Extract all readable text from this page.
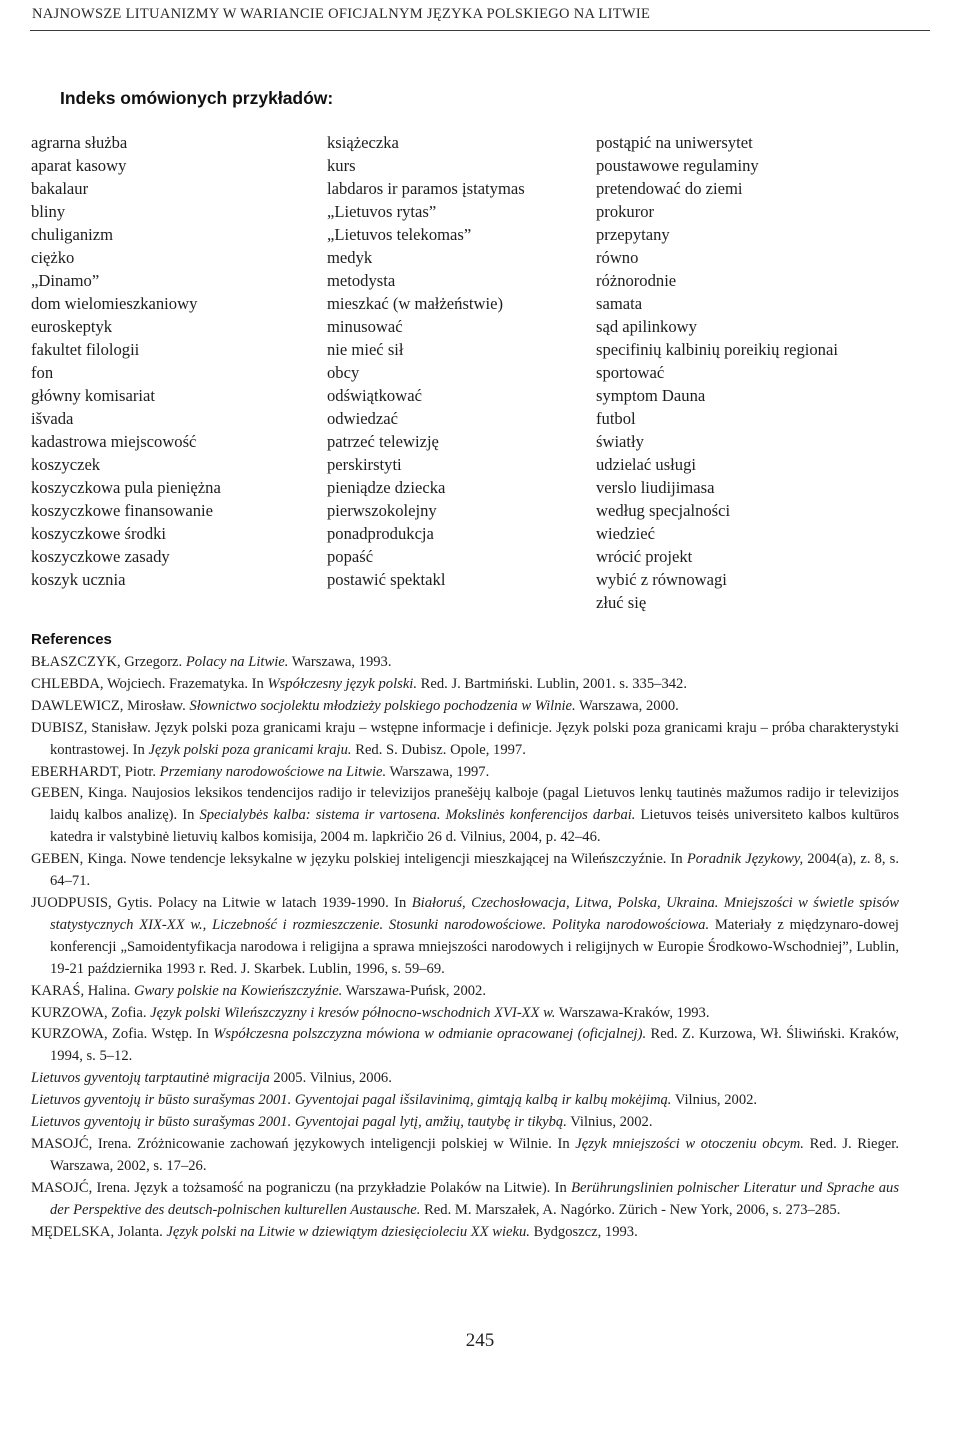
NAJNOWSZE LITUANIZMY W WARIANCIE OFICJALNYM JĘZYKA POLSKIEGO NA LITWIE
Indeks omówionych przykładów:
agrarna służba
aparat kasowy
bakalaur
bliny
chuliganizm
ciężko
„Dinamo”
dom wielomieszkaniowy
euroskeptyk
fakultet filologii
fon
główny komisariat
išvada
kadastrowa miejscowość
koszyczek
koszyczkowa pula pieniężna
koszyczkowe finansowanie
koszyczkowe środki
koszyczkowe zasady
koszyk ucznia
książeczka
kurs
labdaros ir paramos įstatymas
„Lietuvos rytas”
„Lietuvos telekomas”
medyk
metodysta
mieszkać (w małżeństwie)
minusować
nie mieć sił
obcy
odświątkować
odwiedzać
patrzeć telewizję
perskirstyti
pieniądze dziecka
pierwszokolejny
ponadprodukcja
popaść
postawić spektakl
postąpić na uniwersytet
poustawowe regulaminy
pretendować do ziemi
prokuror
przepytany
równo
różnorodnie
samata
sąd apilinkowy
specifinių kalbinių poreikių regionai
sportować
symptom Dauna
futbol
światły
udzielać usługi
verslo liudijimasa
według specjalności
wiedzieć
wrócić projekt
wybić z równowagi
złuć się
References
BŁASZCZYK, Grzegorz. Polacy na Litwie. Warszawa, 1993.
CHLEBDA, Wojciech. Frazematyka. In Współczesny język polski. Red. J. Bartmiński. Lublin, 2001. s. 335–342.
DAWLEWICZ, Mirosław. Słownictwo socjolektu młodzieży polskiego pochodzenia w Wilnie. Warszawa, 2000.
DUBISZ, Stanisław. Język polski poza granicami kraju – wstępne informacje i definicje. Język polski poza granicami kraju – próba charakterystyki kontrastowej. In Język polski poza granicami kraju. Red. S. Dubisz. Opole, 1997.
EBERHARDT, Piotr. Przemiany narodowościowe na Litwie. Warszawa, 1997.
GEBEN, Kinga. Naujosios leksikos tendencijos radijo ir televizijos pranešėjų kalboje (pagal Lietuvos lenkų tautinės mažumos radijo ir televizijos laidų kalbos analizę). In Specialybės kalba: sistema ir vartosena. Mokslinės konferencijos darbai. Lietuvos teisės universiteto kalbos kultūros katedra ir valstybinė lietuvių kalbos komisija, 2004 m. lapkričio 26 d. Vilnius, 2004, p. 42–46.
GEBEN, Kinga. Nowe tendencje leksykalne w języku polskiej inteligencji mieszkającej na Wileńszczyźnie. In Poradnik Językowy, 2004(a), z. 8, s. 64–71.
JUODPUSIS, Gytis. Polacy na Litwie w latach 1939-1990. In Białoruś, Czechosłowacja, Litwa, Polska, Ukraina. Mniejszości w świetle spisów statystycznych XIX-XX w., Liczebność i rozmieszczenie. Stosunki narodowościowe. Polityka narodowościowa. Materiały z międzynaro-dowej konferencji „Samoidentyfikacja narodowa i religijna a sprawa mniejszości narodowych i religijnych w Europie Środkowo-Wschodniej”, Lublin, 19-21 października 1993 r. Red. J. Skarbek. Lublin, 1996, s. 59–69.
KARAŚ, Halina. Gwary polskie na Kowieńszczyźnie. Warszawa-Puńsk, 2002.
KURZOWA, Zofia. Język polski Wileńszczyzny i kresów północno-wschodnich XVI-XX w. Warszawa-Kraków, 1993.
KURZOWA, Zofia. Wstęp. In Współczesna polszczyzna mówiona w odmianie opracowanej (oficjalnej). Red. Z. Kurzowa, Wł. Śliwiński. Kraków, 1994, s. 5–12.
Lietuvos gyventojų tarptautinė migracija 2005. Vilnius, 2006.
Lietuvos gyventojų ir būsto surašymas 2001. Gyventojai pagal išsilavinimą, gimtąją kalbą ir kalbų mokėjimą. Vilnius, 2002.
Lietuvos gyventojų ir būsto surašymas 2001. Gyventojai pagal lytį, amžių, tautybę ir tikybą. Vilnius, 2002.
MASOJĆ, Irena. Zróżnicowanie zachowań językowych inteligencji polskiej w Wilnie. In Język mniejszości w otoczeniu obcym. Red. J. Rieger. Warszawa, 2002, s. 17–26.
MASOJĆ, Irena. Język a tożsamość na pograniczu (na przykładzie Polaków na Litwie). In Berührungslinien polnischer Literatur und Sprache aus der Perspektive des deutsch-polnischen kulturellen Austausche. Red. M. Marszałek, A. Nagórko. Zürich - New York, 2006, s. 273–285.
MĘDELSKA, Jolanta. Język polski na Litwie w dziewiątym dziesięcioleciu XX wieku. Bydgoszcz, 1993.
245
